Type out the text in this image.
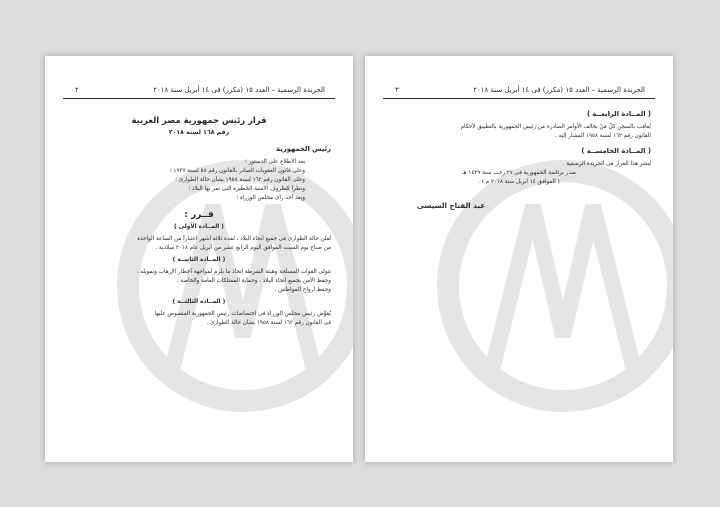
الجريدة الرسمية – العدد ١٥ (مكرر) فى ١٤ أبريل سنة ٢٠١٨
٢
قرار رئيس جمهورية مصر العربية
رقم ١٦٨ لسنة ٢٠١٨
رئيس الجمهورية
بعد الاطلاع على الدستور ؛
وعلى قانون العقوبات الصادر بالقانون رقم ٥٨ لسنة ١٩٣٧ ؛
وعلى القانون رقم ١٦٢ لسنة ١٩٥٨ بشأن حالة الطوارئ ؛
ونظراً للظروف الأمنية الخطيرة التى تمر بها البلاد ؛
وبعد أخذ رأى مجلس الوزراء ؛
قــرر :
( المــادة الأولى )
تُعلن حالة الطوارئ فى جميع أنحاء البلاد ، لمدة ثلاثة أشهر اعتباراً من الساعة الواحدة
من صباح يوم السبت الموافق اليوم الرابع عشر من أبريل عام ٢٠١٨ ميلادية .
( المــادة الثانيــة )
تتولى القوات المسلحة وهيئة الشرطة اتخاذ ما يلزم لمواجهة أخطار الإرهاب وتمويله ،
وحفظ الأمن بجميع أنحاء البلاد ، وحماية الممتلكات العامة والخاصة ،
وحفظ أرواح المواطنين .
( المــادة الثالثــة )
يُفوَّض رئيس مجلس الوزراء فى اختصاصات رئيس الجمهورية المنصوص عليها
فى القانون رقم ١٦٢ لسنة ١٩٥٨ بشأن حالة الطوارئ .
الجريدة الرسمية – العدد ١٥ (مكرر) فى ١٤ أبريل سنة ٢٠١٨
٣
( المــادة الرابعــة )
يُعاقب بالسجن كلُّ مَنْ يخالف الأوامر الصادرة من رئيس الجمهورية بالتطبيق لأحكام
القانون رقم ١٦٢ لسنة ١٩٥٨ المشار إليه .
( المــادة الخامســة )
يُنشر هذا القرار فى الجريدة الرسمية .
صدر برئاسة الجمهورية فى ٢٧ رجب سنة ١٤٣٩ هـ
( الموافق ١٤ أبريل سنة ٢٠١٨ م ) .
عبد الفتاح السيسى
